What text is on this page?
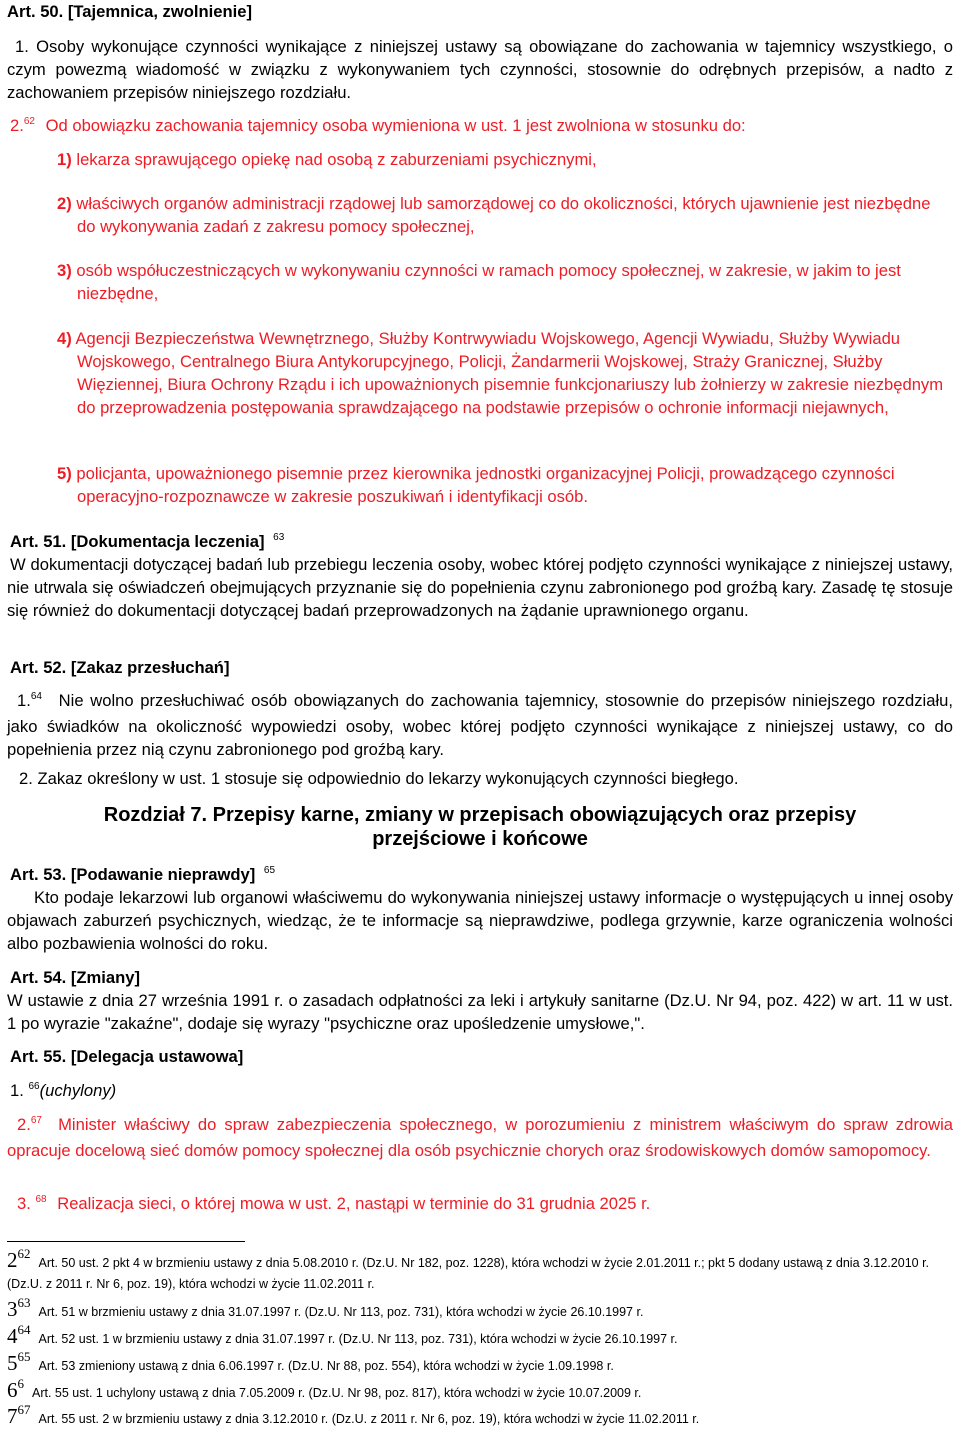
Art. 50. [Tajemnica, zwolnienie]
1. Osoby wykonujące czynności wynikające z niniejszej ustawy są obowiązane do zachowania w tajemnicy wszystkiego, o czym powezmą wiadomość w związku z wykonywaniem tych czynności, stosownie do odrębnych przepisów, a nadto z zachowaniem przepisów niniejszego rozdziału.
2.62 Od obowiązku zachowania tajemnicy osoba wymieniona w ust. 1 jest zwolniona w stosunku do:
1) lekarza sprawującego opiekę nad osobą z zaburzeniami psychicznymi,
2) właściwych organów administracji rządowej lub samorządowej co do okoliczności, których ujawnienie jest niezbędne do wykonywania zadań z zakresu pomocy społecznej,
3) osób współuczestniczących w wykonywaniu czynności w ramach pomocy społecznej, w zakresie, w jakim to jest niezbędne,
4) Agencji Bezpieczeństwa Wewnętrznego, Służby Kontrwywiadu Wojskowego, Agencji Wywiadu, Służby Wywiadu Wojskowego, Centralnego Biura Antykorupcyjnego, Policji, Żandarmerii Wojskowej, Straży Granicznej, Służby Więziennej, Biura Ochrony Rządu i ich upoważnionych pisemnie funkcjonariuszy lub żołnierzy w zakresie niezbędnym do przeprowadzenia postępowania sprawdzającego na podstawie przepisów o ochronie informacji niejawnych,
5) policjanta, upoważnionego pisemnie przez kierownika jednostki organizacyjnej Policji, prowadzącego czynności operacyjno-rozpoznawcze w zakresie poszukiwań i identyfikacji osób.
Art. 51. [Dokumentacja leczenia] $^{63}$
W dokumentacji dotyczącej badań lub przebiegu leczenia osoby, wobec której podjęto czynności wynikające z niniejszej ustawy, nie utrwala się oświadczeń obejmujących przyznanie się do popełnienia czynu zabronionego pod groźbą kary. Zasadę tę stosuje się również do dokumentacji dotyczącej badań przeprowadzonych na żądanie uprawnionego organu.
Art. 52. [Zakaz przesłuchań]
1.64 Nie wolno przesłuchiwać osób obowiązanych do zachowania tajemnicy, stosownie do przepisów niniejszego rozdziału, jako świadków na okoliczność wypowiedzi osoby, wobec której podjęto czynności wynikające z niniejszej ustawy, co do popełnienia przez nią czynu zabronionego pod groźbą kary.
2. Zakaz określony w ust. 1 stosuje się odpowiednio do lekarzy wykonujących czynności biegłego.
Rozdział 7. Przepisy karne, zmiany w przepisach obowiązujących oraz przepisy
przejściowe i końcowe
Art. 53. [Podawanie nieprawdy] $^{65}$
Kto podaje lekarzowi lub organowi właściwemu do wykonywania niniejszej ustawy informacje o występujących u innej osoby objawach zaburzeń psychicznych, wiedząc, że te informacje są nieprawdziwe, podlega grzywnie, karze ograniczenia wolności albo pozbawienia wolności do roku.
Art. 54. [Zmiany]
W ustawie z dnia 27 września 1991 r. o zasadach odpłatności za leki i artykuły sanitarne (Dz.U. Nr 94, poz. 422) w art. 11 w ust. 1 po wyrazie "zakaźne", dodaje się wyrazy "psychiczne oraz upośledzenie umysłowe,".
Art. 55. [Delegacja ustawowa]
1. $^{66}$(uchylony)
2.67 Minister właściwy do spraw zabezpieczenia społecznego, w porozumieniu z ministrem właściwym do spraw zdrowia opracuje docelową sieć domów pomocy społecznej dla osób psychicznie chorych oraz środowiskowych domów samopomocy.
3. $^{68}$ Realizacja sieci, o której mowa w ust. 2, nastąpi w terminie do 31 grudnia 2025 r.
262Art. 50 ust. 2 pkt 4 w brzmieniu ustawy z dnia 5.08.2010 r. (Dz.U. Nr 182, poz. 1228), która wchodzi w życie 2.01.2011 r.; pkt 5 dodany ustawą z dnia 3.12.2010 r. (Dz.U. z 2011 r. Nr 6, poz. 19), która wchodzi w życie 11.02.2011 r.
363Art. 51 w brzmieniu ustawy z dnia 31.07.1997 r. (Dz.U. Nr 113, poz. 731), która wchodzi w życie 26.10.1997 r.
464Art. 52 ust. 1 w brzmieniu ustawy z dnia 31.07.1997 r. (Dz.U. Nr 113, poz. 731), która wchodzi w życie 26.10.1997 r.
565Art. 53 zmieniony ustawą z dnia 6.06.1997 r. (Dz.U. Nr 88, poz. 554), która wchodzi w życie 1.09.1998 r.
66Art. 55 ust. 1 uchylony ustawą z dnia 7.05.2009 r. (Dz.U. Nr 98, poz. 817), która wchodzi w życie 10.07.2009 r.
767Art. 55 ust. 2 w brzmieniu ustawy z dnia 3.12.2010 r. (Dz.U. z 2011 r. Nr 6, poz. 19), która wchodzi w życie 11.02.2011 r.
